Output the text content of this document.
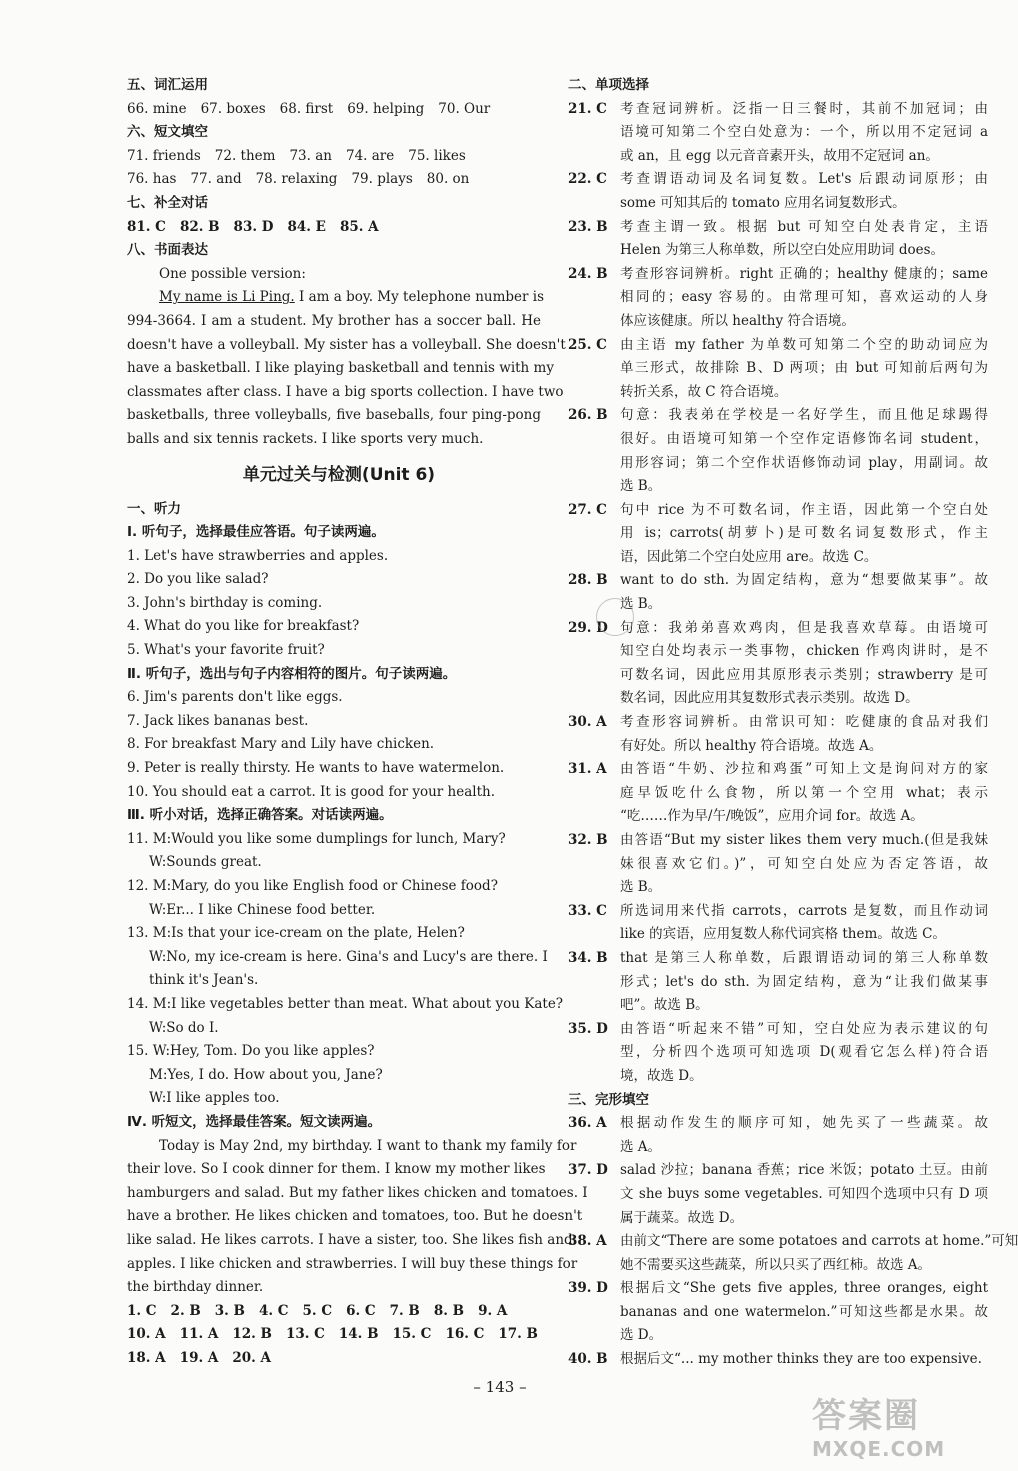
五、词汇运用
66. mine 67. boxes 68. first 69. helping 70. Our
六、短文填空
71. friends 72. them 73. an 74. are 75. likes
76. has 77. and 78. relaxing 79. plays 80. on
七、补全对话
81. C 82. B 83. D 84. E 85. A
八、书面表达
One possible version:
My name is Li Ping. I am a boy. My telephone number is
994-3664. I am a student. My brother has a soccer ball. He
doesn't have a volleyball. My sister has a volleyball. She doesn't
have a basketball. I like playing basketball and tennis with my
classmates after class. I have a big sports collection. I have two
basketballs, three volleyballs, five baseballs, four ping-pong
balls and six tennis rackets. I like sports very much.
单元过关与检测(Unit 6)
一、听力
Ⅰ. 听句子，选择最佳应答语。句子读两遍。
1. Let's have strawberries and apples.
2. Do you like salad?
3. John's birthday is coming.
4. What do you like for breakfast?
5. What's your favorite fruit?
Ⅱ. 听句子，选出与句子内容相符的图片。句子读两遍。
6. Jim's parents don't like eggs.
7. Jack likes bananas best.
8. For breakfast Mary and Lily have chicken.
9. Peter is really thirsty. He wants to have watermelon.
10. You should eat a carrot. It is good for your health.
Ⅲ. 听小对话，选择正确答案。对话读两遍。
11. M:Would you like some dumplings for lunch, Mary?
W:Sounds great.
12. M:Mary, do you like English food or Chinese food?
W:Er... I like Chinese food better.
13. M:Is that your ice-cream on the plate, Helen?
W:No, my ice-cream is here. Gina's and Lucy's are there. I
think it's Jean's.
14. M:I like vegetables better than meat. What about you Kate?
W:So do I.
15. W:Hey, Tom. Do you like apples?
M:Yes, I do. How about you, Jane?
W:I like apples too.
Ⅳ. 听短文，选择最佳答案。短文读两遍。
Today is May 2nd, my birthday. I want to thank my family for
their love. So I cook dinner for them. I know my mother likes
hamburgers and salad. But my father likes chicken and tomatoes. I
have a brother. He likes chicken and tomatoes, too. But he doesn't
like salad. He likes carrots. I have a sister, too. She likes fish and
apples. I like chicken and strawberries. I will buy these things for
the birthday dinner.
1. C 2. B 3. B 4. C 5. C 6. C 7. B 8. B 9. A
10. A 11. A 12. B 13. C 14. B 15. C 16. C 17. B
18. A 19. A 20. A
二、单项选择
21. C 考查冠词辨析。泛指一日三餐时，其前不加冠词；由
语境可知第二个空白处意为：一个，所以用不定冠词 a
或 an，且 egg 以元音音素开头，故用不定冠词 an。
22. C 考查谓语动词及名词复数。Let's 后跟动词原形；由
some 可知其后的 tomato 应用名词复数形式。
23. B 考查主谓一致。根据 but 可知空白处表肯定，主语
Helen 为第三人称单数，所以空白处应用助词 does。
24. B 考查形容词辨析。right 正确的；healthy 健康的；same
相同的；easy 容易的。由常理可知，喜欢运动的人身
体应该健康。所以 healthy 符合语境。
25. C 由主语 my father 为单数可知第二个空的助动词应为
单三形式，故排除 B、D 两项；由 but 可知前后两句为
转折关系，故 C 符合语境。
26. B 句意：我表弟在学校是一名好学生，而且他足球踢得
很好。由语境可知第一个空作定语修饰名词 student，
用形容词；第二个空作状语修饰动词 play，用副词。故
选 B。
27. C 句中 rice 为不可数名词，作主语，因此第一个空白处
用 is；carrots(胡萝卜)是可数名词复数形式，作主
语，因此第二个空白处应用 are。故选 C。
28. B want to do sth. 为固定结构，意为“想要做某事”。故
选 B。
29. D 句意：我弟弟喜欢鸡肉，但是我喜欢草莓。由语境可
知空白处均表示一类事物，chicken 作鸡肉讲时，是不
可数名词，因此应用其原形表示类别；strawberry 是可
数名词，因此应用其复数形式表示类别。故选 D。
30. A 考查形容词辨析。由常识可知：吃健康的食品对我们
有好处。所以 healthy 符合语境。故选 A。
31. A 由答语“牛奶、沙拉和鸡蛋”可知上文是询问对方的家
庭早饭吃什么食物，所以第一个空用 what；表示
“吃……作为早/午/晚饭”，应用介词 for。故选 A。
32. B 由答语“But my sister likes them very much.(但是我妹
妹很喜欢它们。)”，可知空白处应为否定答语，故
选 B。
33. C 所选词用来代指 carrots，carrots 是复数，而且作动词
like 的宾语，应用复数人称代词宾格 them。故选 C。
34. B that 是第三人称单数，后跟谓语动词的第三人称单数
形式；let's do sth. 为固定结构，意为“让我们做某事
吧”。故选 B。
35. D 由答语“听起来不错”可知，空白处应为表示建议的句
型，分析四个选项可知选项 D(观看它怎么样)符合语
境，故选 D。
三、完形填空
36. A 根据动作发生的顺序可知，她先买了一些蔬菜。故
选 A。
37. D salad 沙拉；banana 香蕉；rice 米饭；potato 土豆。由前
文 she buys some vegetables. 可知四个选项中只有 D 项
属于蔬菜。故选 D。
38. A 由前文“There are some potatoes and carrots at home.”可知
她不需要买这些蔬菜，所以只买了西红柿。故选 A。
39. D 根据后文“She gets five apples, three oranges, eight
bananas and one watermelon.”可知这些都是水果。故
选 D。
40. B 根据后文“... my mother thinks they are too expensive.
– 143 –
答案圈
MXQE.COM
